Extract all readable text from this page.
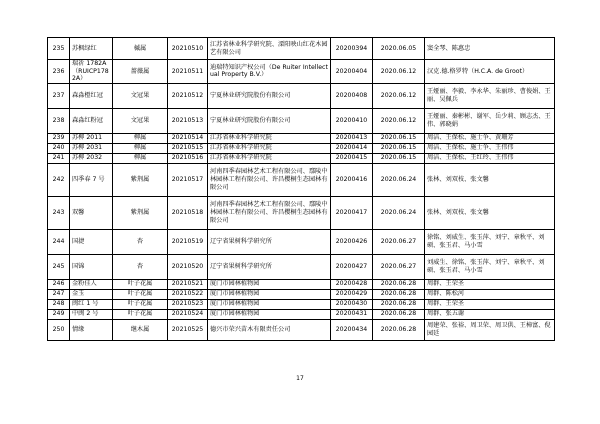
235	苏枫绿红	槭属	20210510	江苏省林业科学研究院、溧阳映山红花木园艺有限公司	20200394	2020.06.05	窦全琴、陈惠忠
236	瑞祈 1782A（RUICP1782A）	蔷薇属	20210511	迪瑞特知识产权公司（De Ruiter Intellectual Property B.V.）	20200404	2020.06.12	汉克.德.格罗特（H.C.A. de Groot）
237	森淼橙红冠	文冠果	20210512	宁夏林业研究院股份有限公司	20200408	2020.06.12	王娅丽、李毅、李永华、朱丽珍、曹俊娟、王丽、吴佩兵
238	森淼红粉冠	文冠果	20210513	宁夏林业研究院股份有限公司	20200410	2020.06.12	王娅丽、秦彬彬、谢军、岳少莉、顾志杰、王伟、郭晓娟
239	苏柳 2011	柳属	20210514	江苏省林业科学研究院	20200413	2020.06.15	周洁、王保松、施士争、黄珊芳
240	苏柳 2031	柳属	20210515	江苏省林业科学研究院	20200414	2020.06.15	周洁、王保松、施士争、王伟伟
241	苏柳 2032	柳属	20210516	江苏省林业科学研究院	20200415	2020.06.15	周洁、王保松、王红玲、王伟伟
242	四季春 7 号	紫荆属	20210517	河南四季春园林艺术工程有限公司、鄢陵中林园林工程有限公司、许昌樱桐生态园林有限公司	20200416	2020.06.24	张林、刘双枝、张文馨
243	双馨	紫荆属	20210518	河南四季春园林艺术工程有限公司、鄢陵中林园林工程有限公司、许昌樱桐生态园林有限公司	20200417	2020.06.24	张林、刘双枝、张文馨
244	国捷	杏	20210519	辽宁省果树科学研究所	20200426	2020.06.27	徐铭、刘威生、张玉萍、刘宁、章秋平、刘硕、张玉君、马小雪
245	国锦	杏	20210520	辽宁省果树科学研究所	20200427	2020.06.27	刘威生、徐铭、张玉萍、刘宁、章秋平、刘硕、张玉君、马小雪
246	金粉佳人	叶子花属	20210521	厦门市园林植物园	20200428	2020.06.28	周群、王荣圣
247	金玉	叶子花属	20210522	厦门市园林植物园	20200429	2020.06.28	周群、陈松河
248	闽红 1 号	叶子花属	20210523	厦门市园林植物园	20200430	2020.06.28	周群、王荣圣
249	中闽 2 号	叶子花属	20210524	厦门市园林植物园	20200431	2020.06.28	周群、张五谢
250	情缘	继木属	20210525	德兴市荣兴苗木有限责任公司	20200434	2020.06.28	周建荣、张裕、周卫荣、周卫供、王樟富、倪园廷
17
